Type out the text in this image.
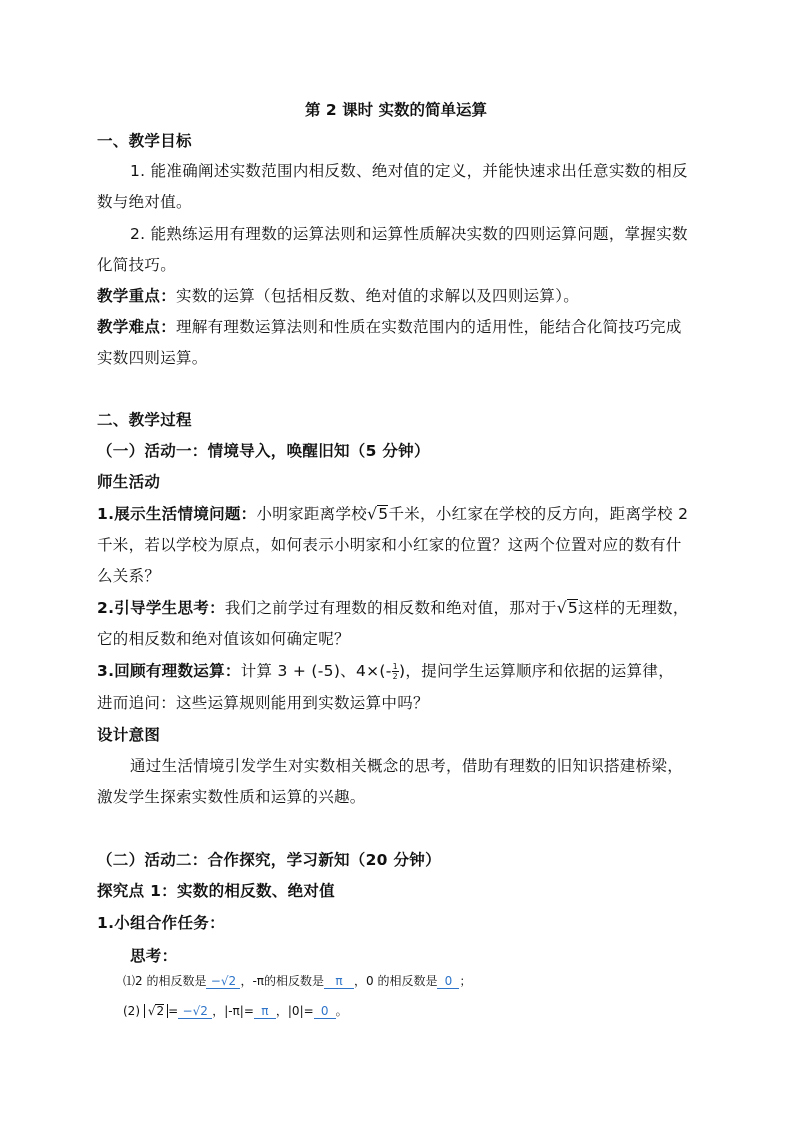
第 2 课时 实数的简单运算
一、教学目标
1. 能准确阐述实数范围内相反数、绝对值的定义，并能快速求出任意实数的相反
数与绝对值。
2. 能熟练运用有理数的运算法则和运算性质解决实数的四则运算问题，掌握实数
化简技巧。
教学重点：实数的运算（包括相反数、绝对值的求解以及四则运算）。
教学难点：理解有理数运算法则和性质在实数范围内的适用性，能结合化简技巧完成
实数四则运算。
二、教学过程
（一）活动一：情境导入，唤醒旧知（5 分钟）
师生活动
1.展示生活情境问题：小明家距离学校√5千米，小红家在学校的反方向，距离学校 2
千米，若以学校为原点，如何表示小明家和小红家的位置？这两个位置对应的数有什
么关系？
2.引导学生思考：我们之前学过有理数的相反数和绝对值，那对于√5这样的无理数，
它的相反数和绝对值该如何确定呢？
3.回顾有理数运算：计算 3 + (-5)、$4\times(- \frac{1}{2}$ )，提问学生运算顺序和依据的运算律，
进而追问：这些运算规则能用到实数运算中吗？
设计意图
通过生活情境引发学生对实数相关概念的思考，借助有理数的旧知识搭建桥梁，
激发学生探索实数性质和运算的兴趣。
（二）活动二：合作探究，学习新知（20 分钟）
探究点 1：实数的相反数、绝对值
1.小组合作任务：
思考：
⑴2 的相反数是 −√2 ，-π的相反数是 π ，0 的相反数是 0 ；
(2) √2 = −√2 ，|-π|= π ，|0|= 0 。
